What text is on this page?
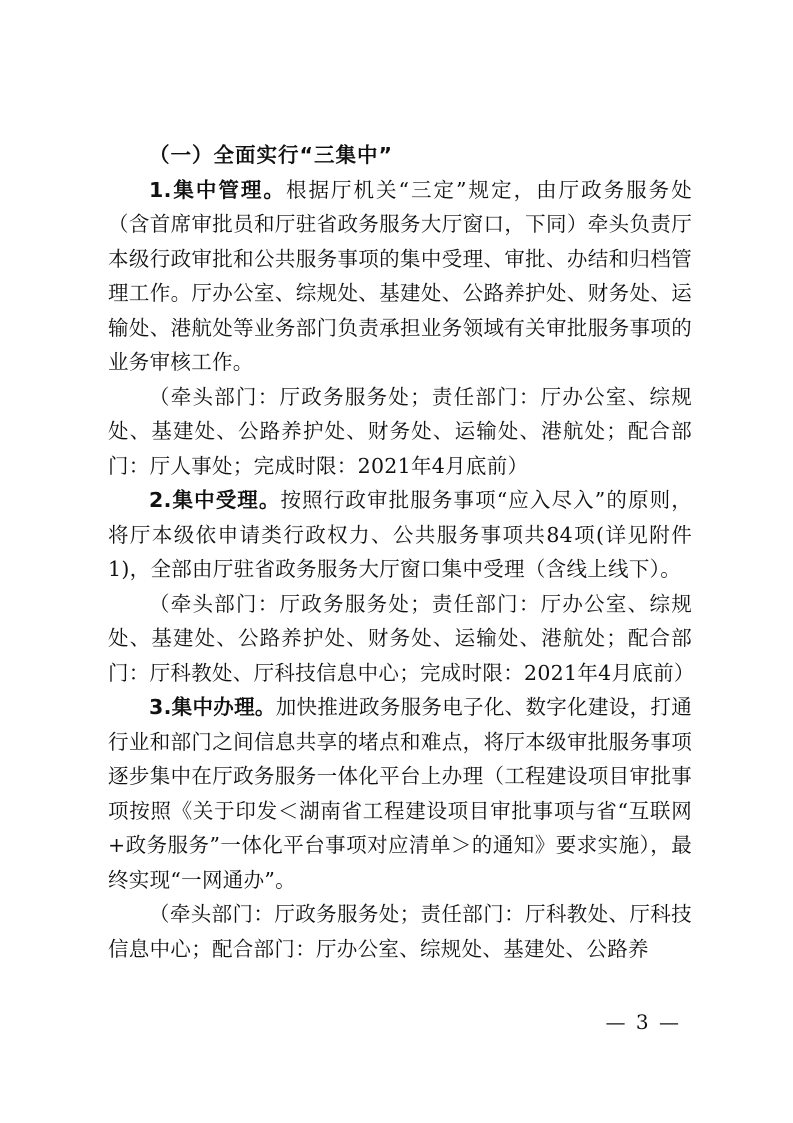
（一）全面实行“三集中”

1.集中管理。根据厅机关“三定”规定，由厅政务服务处（含首席审批员和厅驻省政务服务大厅窗口，下同）牵头负责厅本级行政审批和公共服务事项的集中受理、审批、办结和归档管理工作。厅办公室、综规处、基建处、公路养护处、财务处、运输处、港航处等业务部门负责承担业务领域有关审批服务事项的业务审核工作。

（牵头部门：厅政务服务处；责任部门：厅办公室、综规处、基建处、公路养护处、财务处、运输处、港航处；配合部门：厅人事处；完成时限：2021年4月底前）

2.集中受理。按照行政审批服务事项“应入尽入”的原则，将厅本级依申请类行政权力、公共服务事项共84项(详见附件1)，全部由厅驻省政务服务大厅窗口集中受理（含线上线下）。

（牵头部门：厅政务服务处；责任部门：厅办公室、综规处、基建处、公路养护处、财务处、运输处、港航处；配合部门：厅科教处、厅科技信息中心；完成时限：2021年4月底前）

3.集中办理。加快推进政务服务电子化、数字化建设，打通行业和部门之间信息共享的堵点和难点，将厅本级审批服务事项逐步集中在厅政务服务一体化平台上办理（工程建设项目审批事项按照《关于印发＜湖南省工程建设项目审批事项与省“互联网+政务服务”一体化平台事项对应清单＞的通知》要求实施），最终实现“一网通办”。

（牵头部门：厅政务服务处；责任部门：厅科教处、厅科技信息中心；配合部门：厅办公室、综规处、基建处、公路养

— 3 —
